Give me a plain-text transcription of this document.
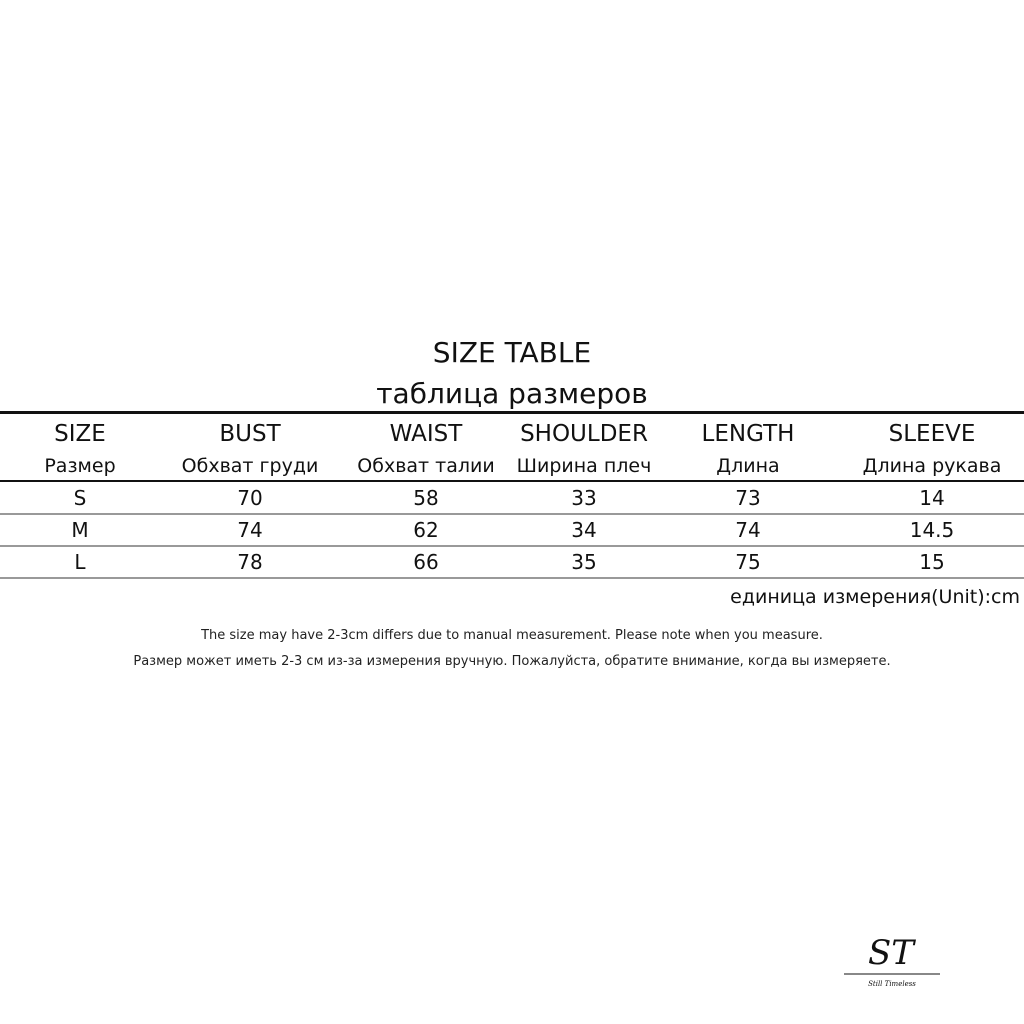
SIZE TABLE
таблица размеров
SIZE	BUST	WAIST	SHOULDER	LENGTH	SLEEVE
Размер	Обхват груди	Обхват талии	Ширина плеч	Длина	Длина рукава
S	70	58	33	73	14
M	74	62	34	74	14.5
L	78	66	35	75	15
единица измерения(Unit):cm
The size may have 2-3cm differs due to manual measurement. Please note when you measure.
Размер может иметь 2-3 см из-за измерения вручную. Пожалуйста, обратите внимание, когда вы измеряете.
ST
Still Timeless
